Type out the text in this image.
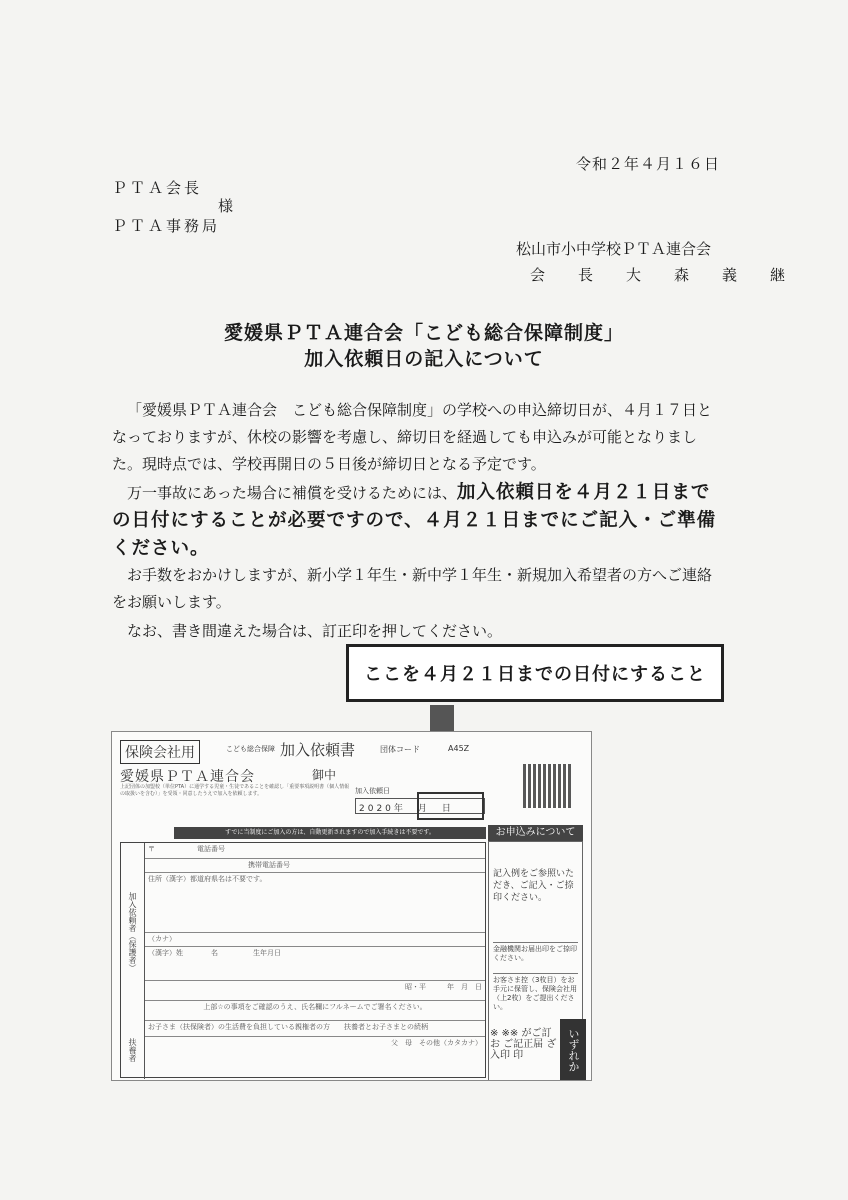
令和２年４月１６日
ＰＴＡ会長
様
ＰＴＡ事務局
松山市小中学校ＰＴＡ連合会
会　長　大　森　義　継
愛媛県ＰＴＡ連合会「こども総合保障制度」
加入依頼日の記入について
「愛媛県ＰＴＡ連合会　こども総合保障制度」の学校への申込締切日が、４月１７日となっておりますが、休校の影響を考慮し、締切日を経過しても申込みが可能となりました。現時点では、学校再開日の５日後が締切日となる予定です。
万一事故にあった場合に補償を受けるためには、加入依頼日を４月２１日までの日付にすることが必要ですので、４月２１日までにご記入・ご準備ください。
お手数をおかけしますが、新小学１年生・新中学１年生・新規加入希望者の方へご連絡をお願いします。
なお、書き間違えた場合は、訂正印を押してください。
ここを４月２１日までの日付にすること
保険会社用	こども総合保障 加入依頼書	団体コード	A45Z
愛媛県ＰＴＡ連合会	御中
上記団体の加盟校（単位PTA）に通学する児童・生徒であることを確認し「重要事項説明書（個人情報の取扱いを含む）」を受領・同意したうえで加入を依頼します。	加入依頼日
2020年　月　日
すでに当制度にご加入の方は、自動更新されますので加入手続きは不要です。	お申込みについて
記入例をご参照いただき、ご記入・ご捺印ください。
金融機関お届出印をご捺印ください。
お客さま控（3枚目）をお手元に保管し、保険会社用（上2枚）をご提出ください。
加入依頼者（保護者）
扶養者
〒　　　　　　	電話番号
携帯電話番号
住所（漢字）都道府県名は不要です。
（カナ）
（漢字）姓　　　　名　　　　　生年月日
昭・平　　　年　月　日
上部☆の事項をご確認のうえ、氏名欄にフルネームでご署名ください。
お子さま（扶保険者）の生活費を負担している親権者の方　　扶養者とお子さまとの続柄
父　母　その他（カタカナ）
※ ※※ がご訂お ご記正届 ざ入印 印	いずれか
